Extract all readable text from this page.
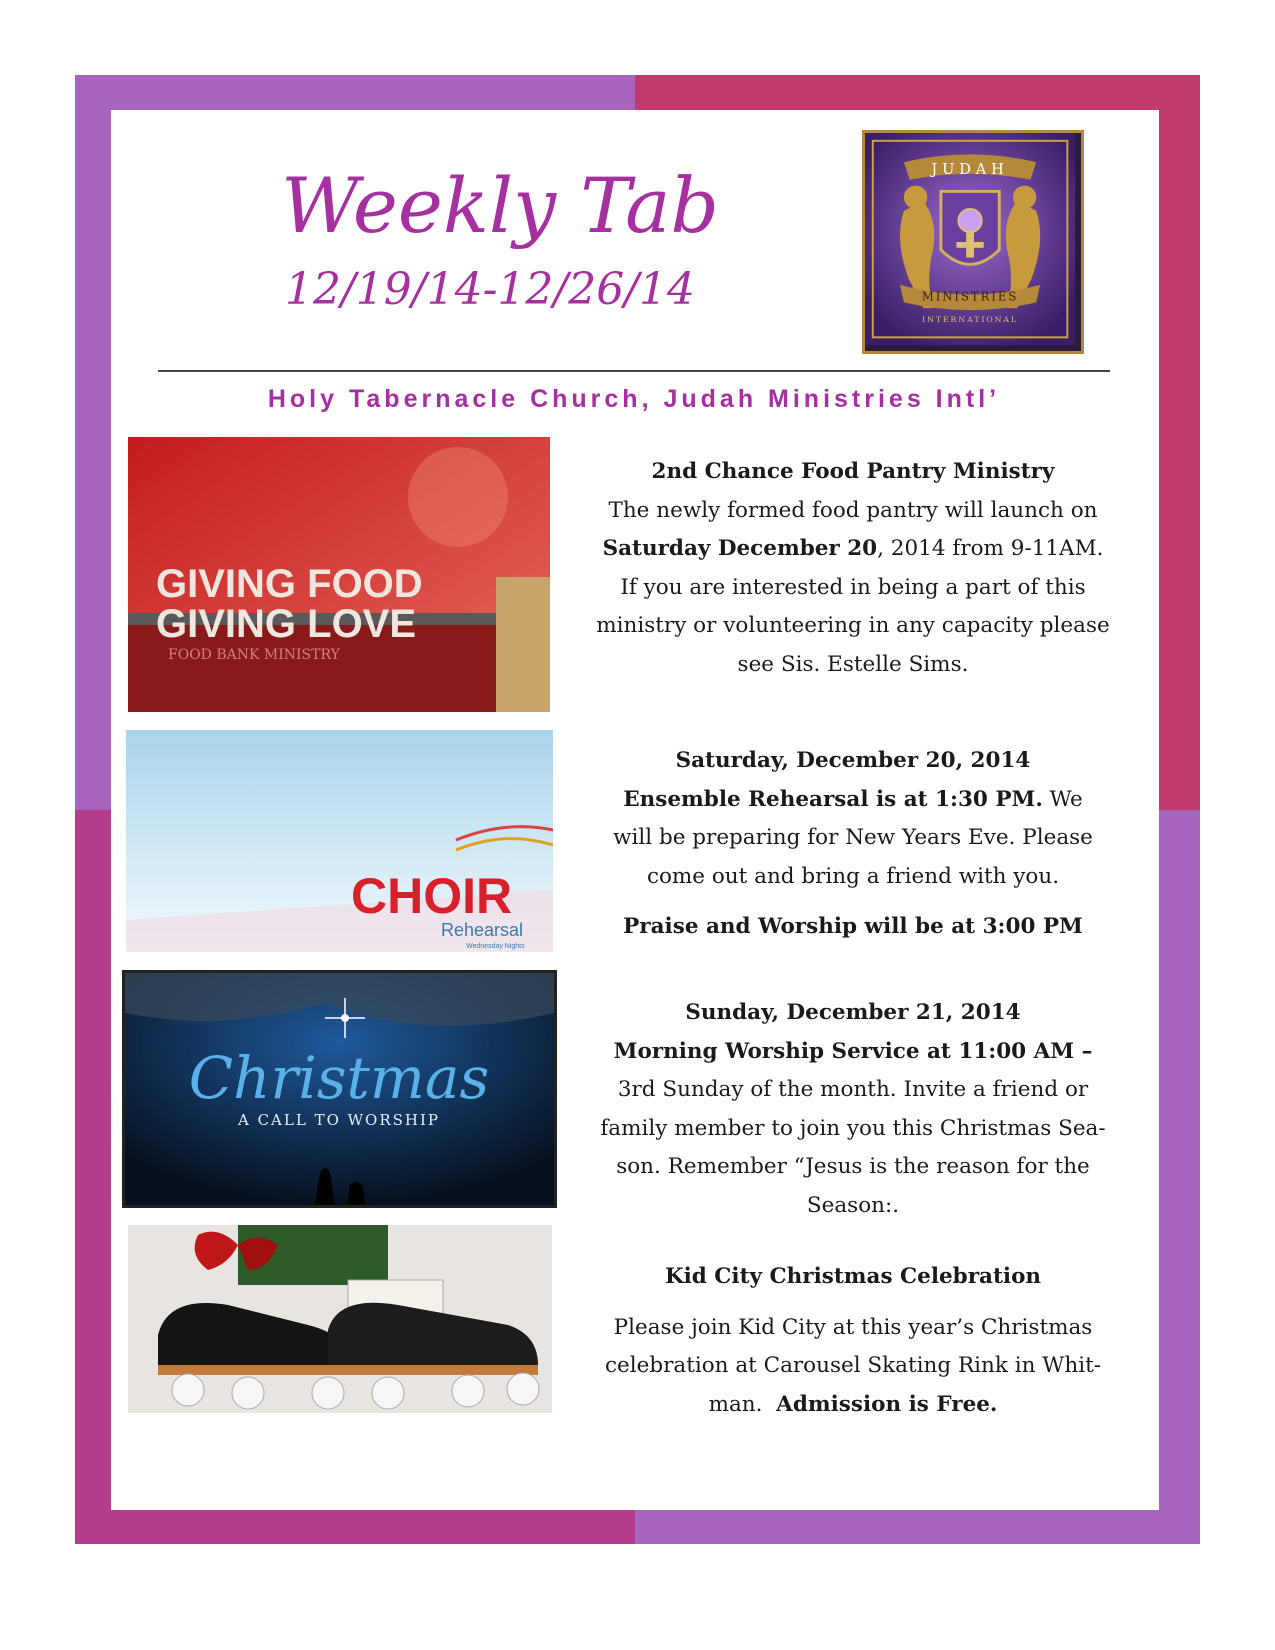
Weekly Tab
12/19/14-12/26/14
JUDAH
MINISTRIES
INTERNATIONAL
Holy Tabernacle Church, Judah Ministries Intl’
GIVING FOOD
GIVING LOVE
FOOD BANK MINISTRY
CHOIR
Rehearsal
Wednesday Nights
Christmas
A CALL TO WORSHIP

2nd Chance Food Pantry Ministry

The newly formed food pantry will launch on

Saturday December 20, 2014 from 9-11AM.

If you are interested in being a part of this

ministry or volunteering in any capacity please

see Sis. Estelle Sims.

Saturday, December 20, 2014

Ensemble Rehearsal is at 1:30 PM. We

will be preparing for New Years Eve. Please

come out and bring a friend with you.

Praise and Worship will be at 3:00 PM

Sunday, December 21, 2014

Morning Worship Service at 11:00 AM –

3rd Sunday of the month. Invite a friend or

family member to join you this Christmas Sea-

son. Remember “Jesus is the reason for the

Season:.

Kid City Christmas Celebration

Please join Kid City at this year’s Christmas

celebration at Carousel Skating Rink in Whit-

man.  Admission is Free.
